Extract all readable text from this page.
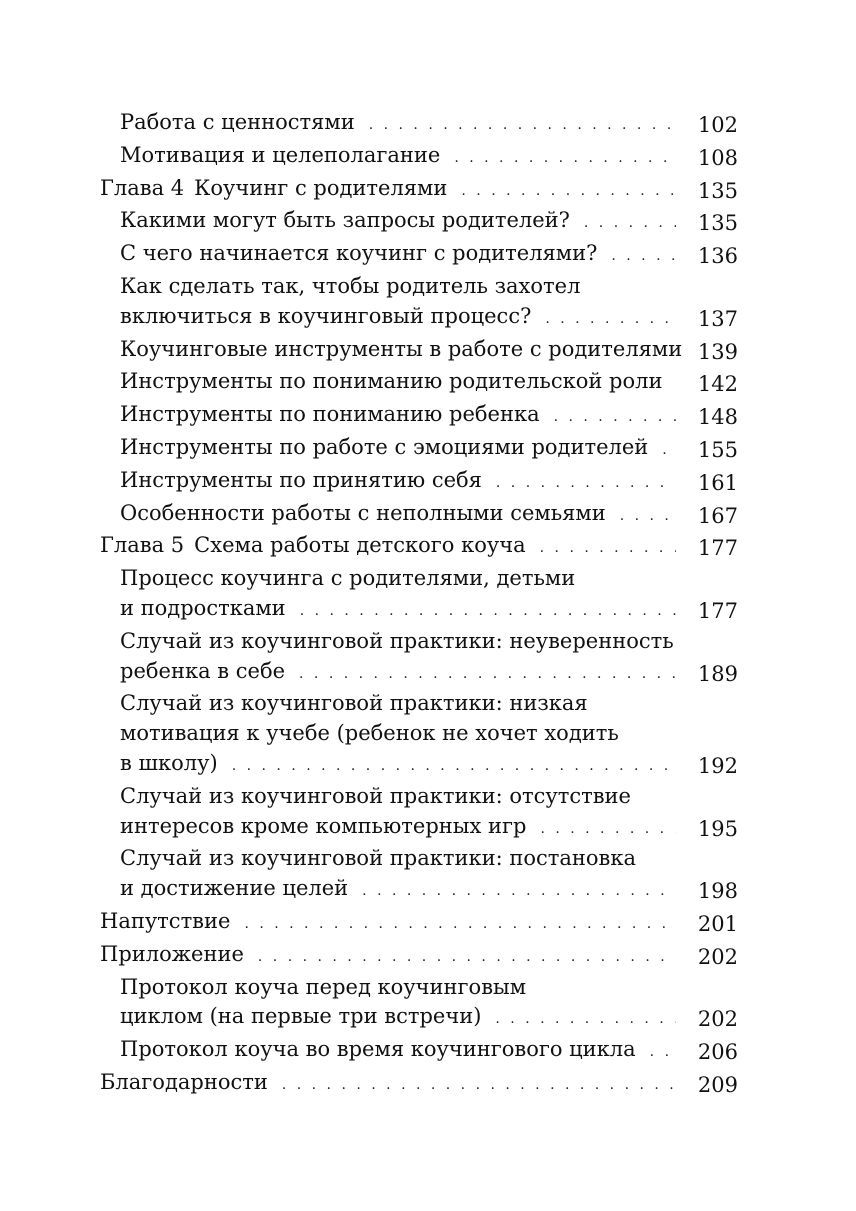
Работа с ценностями . . .	102
Мотивация и целеполагание . . .	108
Глава 4 Коучинг с родителями . . .	135
Какими могут быть запросы родителей? . . .	135
С чего начинается коучинг с родителями? . . .	136
Как сделать так, чтобы родитель захотел
включиться в коучинговый процесс? . . .	137
Коучинговые инструменты в работе с родителями 139
Инструменты по пониманию родительской роли	142
Инструменты по пониманию ребенка . . .	148
Инструменты по работе с эмоциями родителей . . .	155
Инструменты по принятию себя . . .	161
Особенности работы с неполными семьями . . .	167
Глава 5 Схема работы детского коуча . . .	177
Процесс коучинга с родителями, детьми
и подростками . . .	177
Случай из коучинговой практики: неуверенность
ребенка в себе . . .	189
Случай из коучинговой практики: низкая
мотивация к учебе (ребенок не хочет ходить
в школу) . . .	192
Случай из коучинговой практики: отсутствие
интересов кроме компьютерных игр . . .	195
Случай из коучинговой практики: постановка
и достижение целей . . .	198
Напутствие . . .	201
Приложение . . .	202
Протокол коуча перед коучинговым
циклом (на первые три встречи) . . .	202
Протокол коуча во время коучингового цикла . . .	206
Благодарности . . .	209
